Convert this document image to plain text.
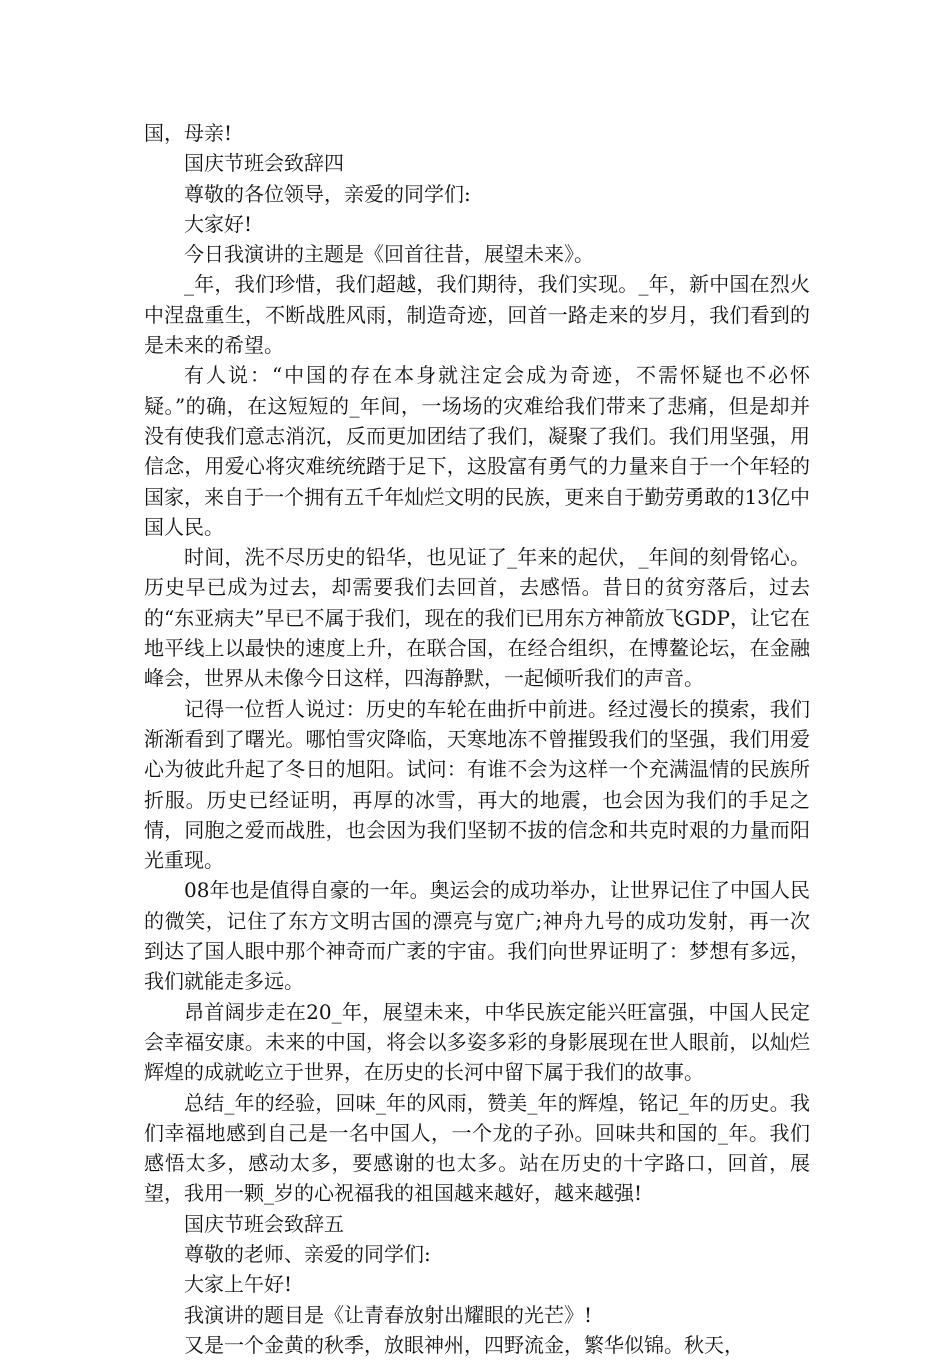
国，母亲!

国庆节班会致辞四

尊敬的各位领导，亲爱的同学们:

大家好!

今日我演讲的主题是《回首往昔，展望未来》。

_年，我们珍惜，我们超越，我们期待，我们实现。_年，新中国在烈火中涅盘重生，不断战胜风雨，制造奇迹，回首一路走来的岁月，我们看到的是未来的希望。

有人说：“中国的存在本身就注定会成为奇迹，不需怀疑也不必怀疑。”的确，在这短短的_年间，一场场的灾难给我们带来了悲痛，但是却并没有使我们意志消沉，反而更加团结了我们，凝聚了我们。我们用坚强，用信念，用爱心将灾难统统踏于足下，这股富有勇气的力量来自于一个年轻的国家，来自于一个拥有五千年灿烂文明的民族，更来自于勤劳勇敢的13亿中国人民。

时间，洗不尽历史的铅华，也见证了_年来的起伏，_年间的刻骨铭心。历史早已成为过去，却需要我们去回首，去感悟。昔日的贫穷落后，过去的“东亚病夫”早已不属于我们，现在的我们已用东方神箭放飞GDP，让它在地平线上以最快的速度上升，在联合国，在经合组织，在博鳌论坛，在金融峰会，世界从未像今日这样，四海静默，一起倾听我们的声音。

记得一位哲人说过：历史的车轮在曲折中前进。经过漫长的摸索，我们渐渐看到了曙光。哪怕雪灾降临，天寒地冻不曾摧毁我们的坚强，我们用爱心为彼此升起了冬日的旭阳。试问：有谁不会为这样一个充满温情的民族所折服。历史已经证明，再厚的冰雪，再大的地震，也会因为我们的手足之情，同胞之爱而战胜，也会因为我们坚韧不拔的信念和共克时艰的力量而阳光重现。

08年也是值得自豪的一年。奥运会的成功举办，让世界记住了中国人民的微笑，记住了东方文明古国的漂亮与宽广;神舟九号的成功发射，再一次到达了国人眼中那个神奇而广袤的宇宙。我们向世界证明了：梦想有多远，我们就能走多远。

昂首阔步走在20_年，展望未来，中华民族定能兴旺富强，中国人民定会幸福安康。未来的中国，将会以多姿多彩的身影展现在世人眼前，以灿烂辉煌的成就屹立于世界，在历史的长河中留下属于我们的故事。

总结_年的经验，回味_年的风雨，赞美_年的辉煌，铭记_年的历史。我们幸福地感到自己是一名中国人，一个龙的子孙。回味共和国的_年。我们感悟太多，感动太多，要感谢的也太多。站在历史的十字路口，回首，展望，我用一颗_岁的心祝福我的祖国越来越好，越来越强!

国庆节班会致辞五

尊敬的老师、亲爱的同学们:

大家上午好!

我演讲的题目是《让青春放射出耀眼的光芒》!

又是一个金黄的秋季，放眼神州，四野流金，繁华似锦。秋天，
